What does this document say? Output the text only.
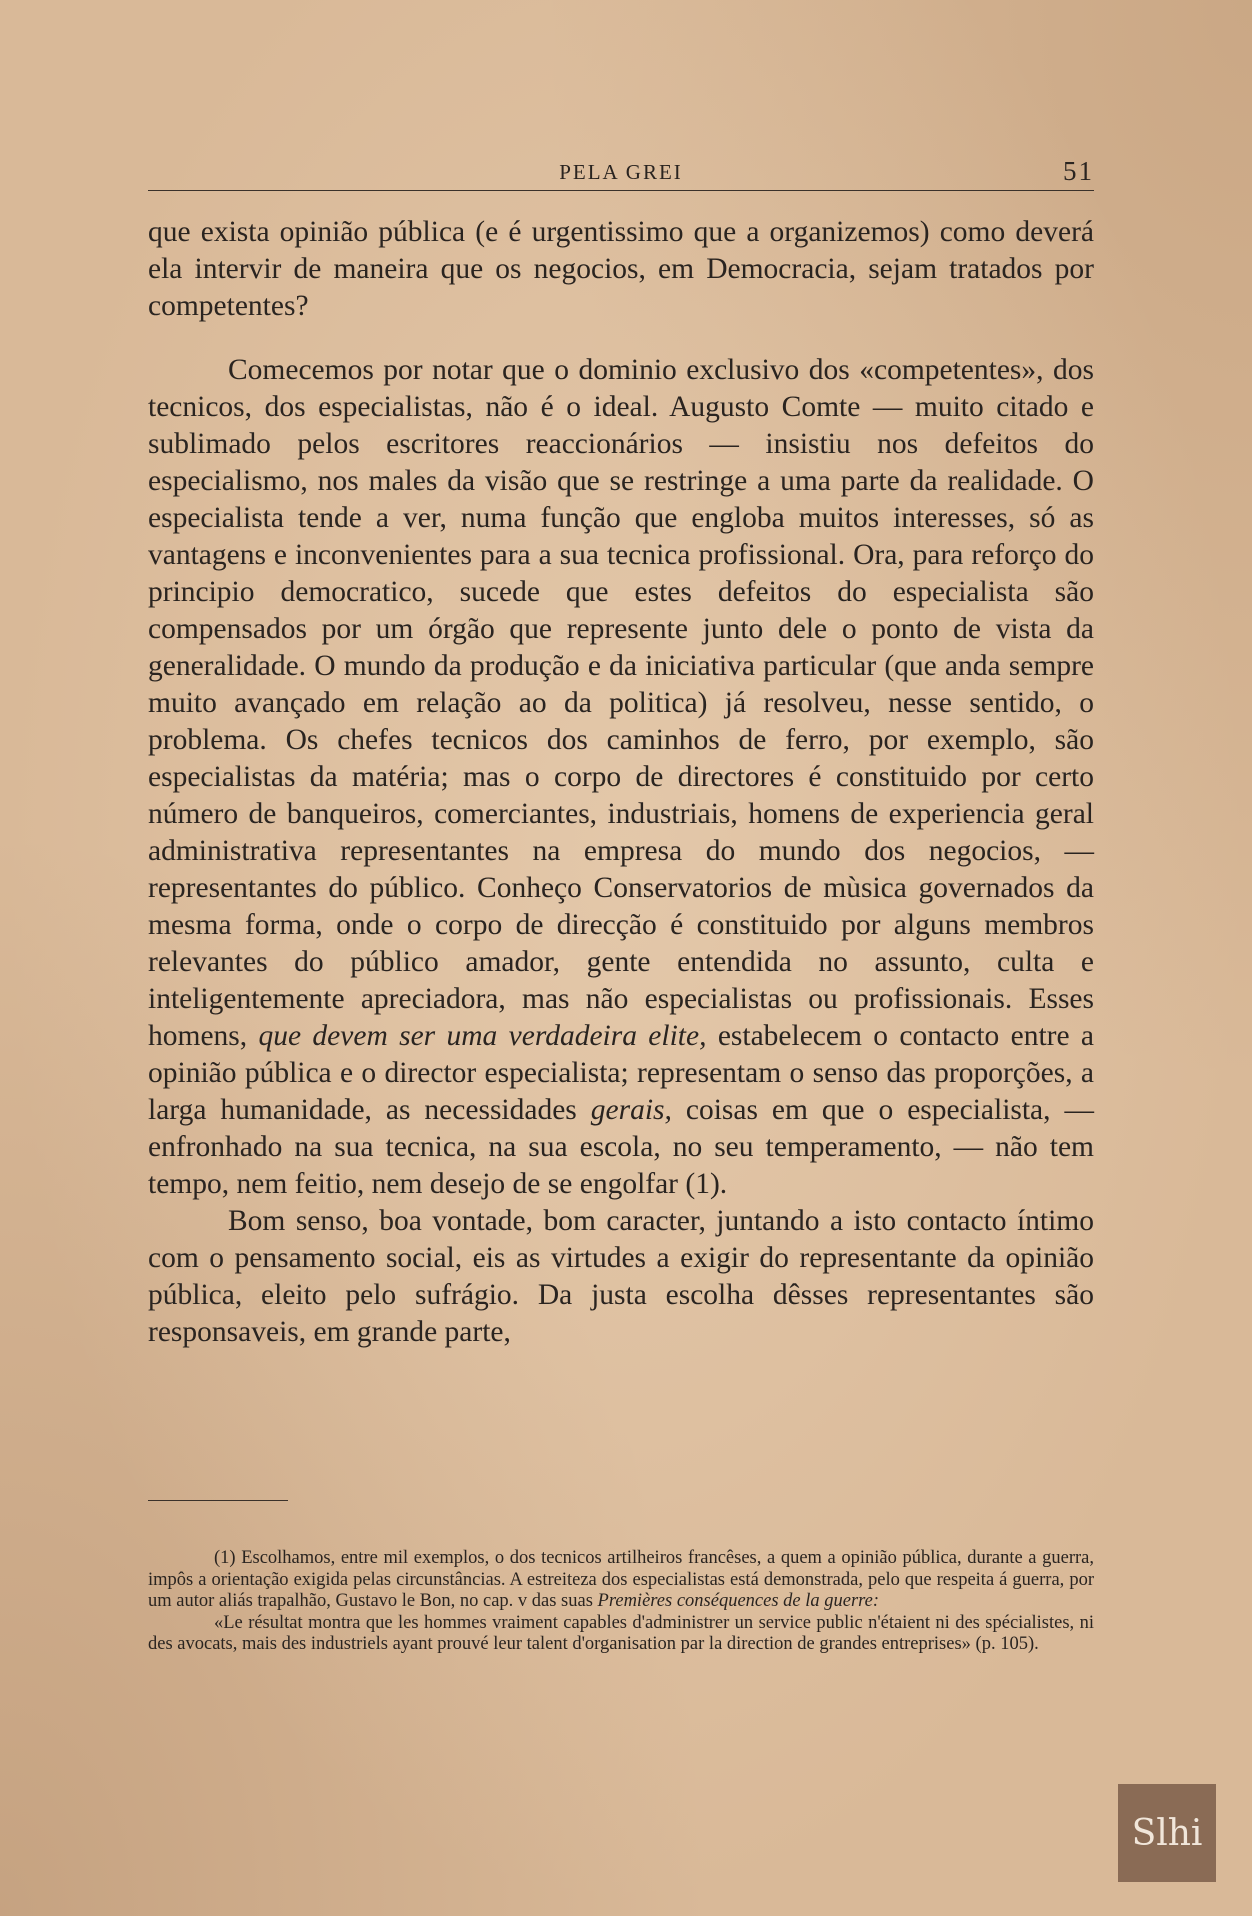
PELA GREI	51

que exista opinião pública (e é urgentissimo que a organizemos) como deverá ela intervir de maneira que os negocios, em Democracia, sejam tratados por competentes?

Comecemos por notar que o dominio exclusivo dos «competentes», dos tecnicos, dos especialistas, não é o ideal. Augusto Comte — muito citado e sublimado pelos escritores reaccionários — insistiu nos defeitos do especialismo, nos males da visão que se restringe a uma parte da realidade. O especialista tende a ver, numa função que engloba muitos interesses, só as vantagens e inconvenientes para a sua tecnica profissional. Ora, para reforço do principio democratico, sucede que estes defeitos do especialista são compensados por um órgão que represente junto dele o ponto de vista da generalidade. O mundo da produção e da iniciativa particular (que anda sempre muito avançado em relação ao da politica) já resolveu, nesse sentido, o problema. Os chefes tecnicos dos caminhos de ferro, por exemplo, são especialistas da matéria; mas o corpo de directores é constituido por certo número de banqueiros, comerciantes, industriais, homens de experiencia geral administrativa representantes na empresa do mundo dos negocios, — representantes do público. Conheço Conservatorios de mùsica governados da mesma forma, onde o corpo de direcção é constituido por alguns membros relevantes do público amador, gente entendida no assunto, culta e inteligentemente apreciadora, mas não especialistas ou profissionais. Esses homens, que devem ser uma verdadeira elite, estabelecem o contacto entre a opinião pública e o director especialista; representam o senso das proporções, a larga humanidade, as necessidades gerais, coisas em que o especialista, — enfronhado na sua tecnica, na sua escola, no seu temperamento, — não tem tempo, nem feitio, nem desejo de se engolfar (1).

Bom senso, boa vontade, bom caracter, juntando a isto contacto íntimo com o pensamento social, eis as virtudes a exigir do representante da opinião pública, eleito pelo sufrágio. Da justa escolha dêsses representantes são responsaveis, em grande parte,

(1) Escolhamos, entre mil exemplos, o dos tecnicos artilheiros francêses, a quem a opinião pública, durante a guerra, impôs a orientação exigida pelas circunstâncias. A estreiteza dos especialistas está demonstrada, pelo que respeita á guerra, por um autor aliás trapalhão, Gustavo le Bon, no cap. v das suas Premières conséquences de la guerre:

«Le résultat montra que les hommes vraiment capables d'administrer un service public n'étaient ni des spécialistes, ni des avocats, mais des industriels ayant prouvé leur talent d'organisation par la direction de grandes entreprises» (p. 105).

Slhi
